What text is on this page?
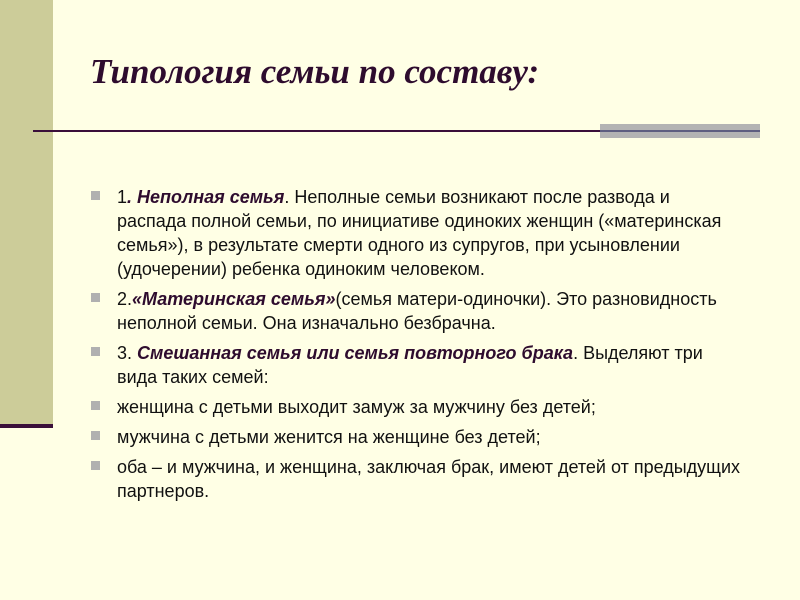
Типология семьи по составу:
1. Неполная семья. Неполные семьи возникают после развода и распада полной семьи, по инициативе одиноких женщин («материнская семья»), в результате смерти одного из супругов, при усыновлении (удочерении) ребенка одиноким человеком.
2.«Материнская семья»(семья матери-одиночки). Это разновидность неполной семьи. Она изначально безбрачна.
3. Смешанная семья или семья повторного брака. Выделяют три вида таких семей:
женщина с детьми выходит замуж за мужчину без детей;
мужчина с детьми женится на женщине без детей;
оба – и мужчина, и женщина, заключая брак, имеют детей от предыдущих партнеров.
